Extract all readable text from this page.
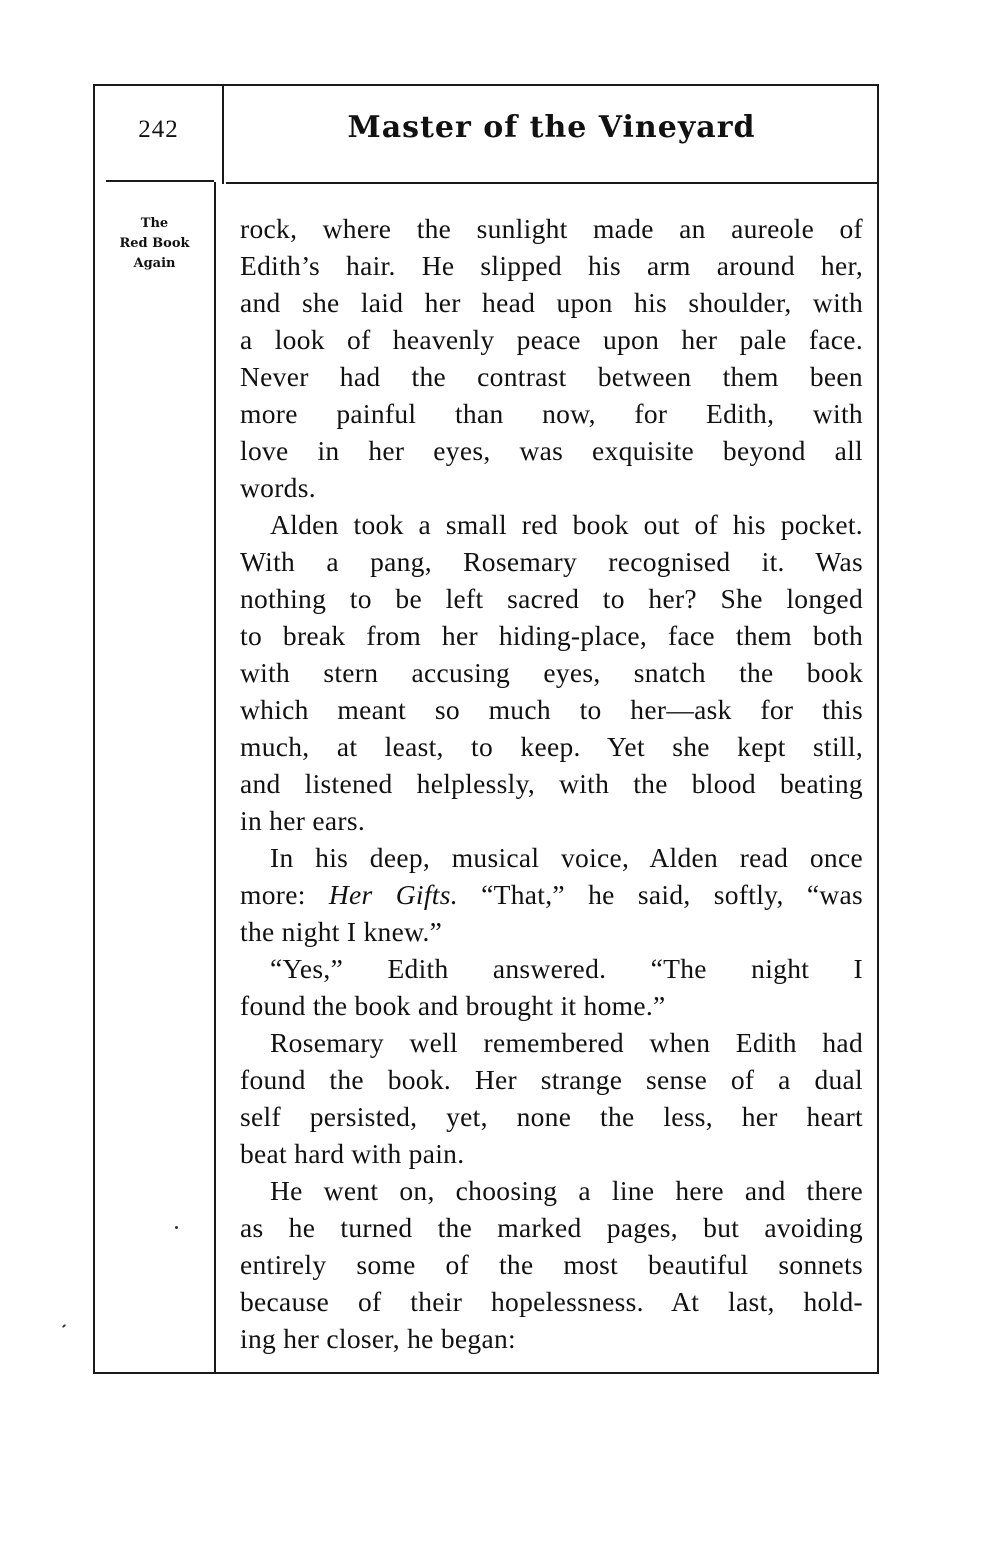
242	Master of the Vineyard
The
Red Book
Again

rock, where the sunlight made an aureole of

Edith’s hair. He slipped his arm around her,

and she laid her head upon his shoulder, with

a look of heavenly peace upon her pale face.

Never had the contrast between them been

more painful than now, for Edith, with

love in her eyes, was exquisite beyond all

words.

Alden took a small red book out of his pocket.

With a pang, Rosemary recognised it. Was

nothing to be left sacred to her? She longed

to break from her hiding-place, face them both

with stern accusing eyes, snatch the book

which meant so much to her—ask for this

much, at least, to keep. Yet she kept still,

and listened helplessly, with the blood beating

in her ears.

In his deep, musical voice, Alden read once

more: Her Gifts. “That,” he said, softly, “was

the night I knew.”

“Yes,” Edith answered. “The night I

found the book and brought it home.”

Rosemary well remembered when Edith had

found the book. Her strange sense of a dual

self persisted, yet, none the less, her heart

beat hard with pain.

He went on, choosing a line here and there

as he turned the marked pages, but avoiding

entirely some of the most beautiful sonnets

because of their hopelessness. At last, hold-

ing her closer, he began:
